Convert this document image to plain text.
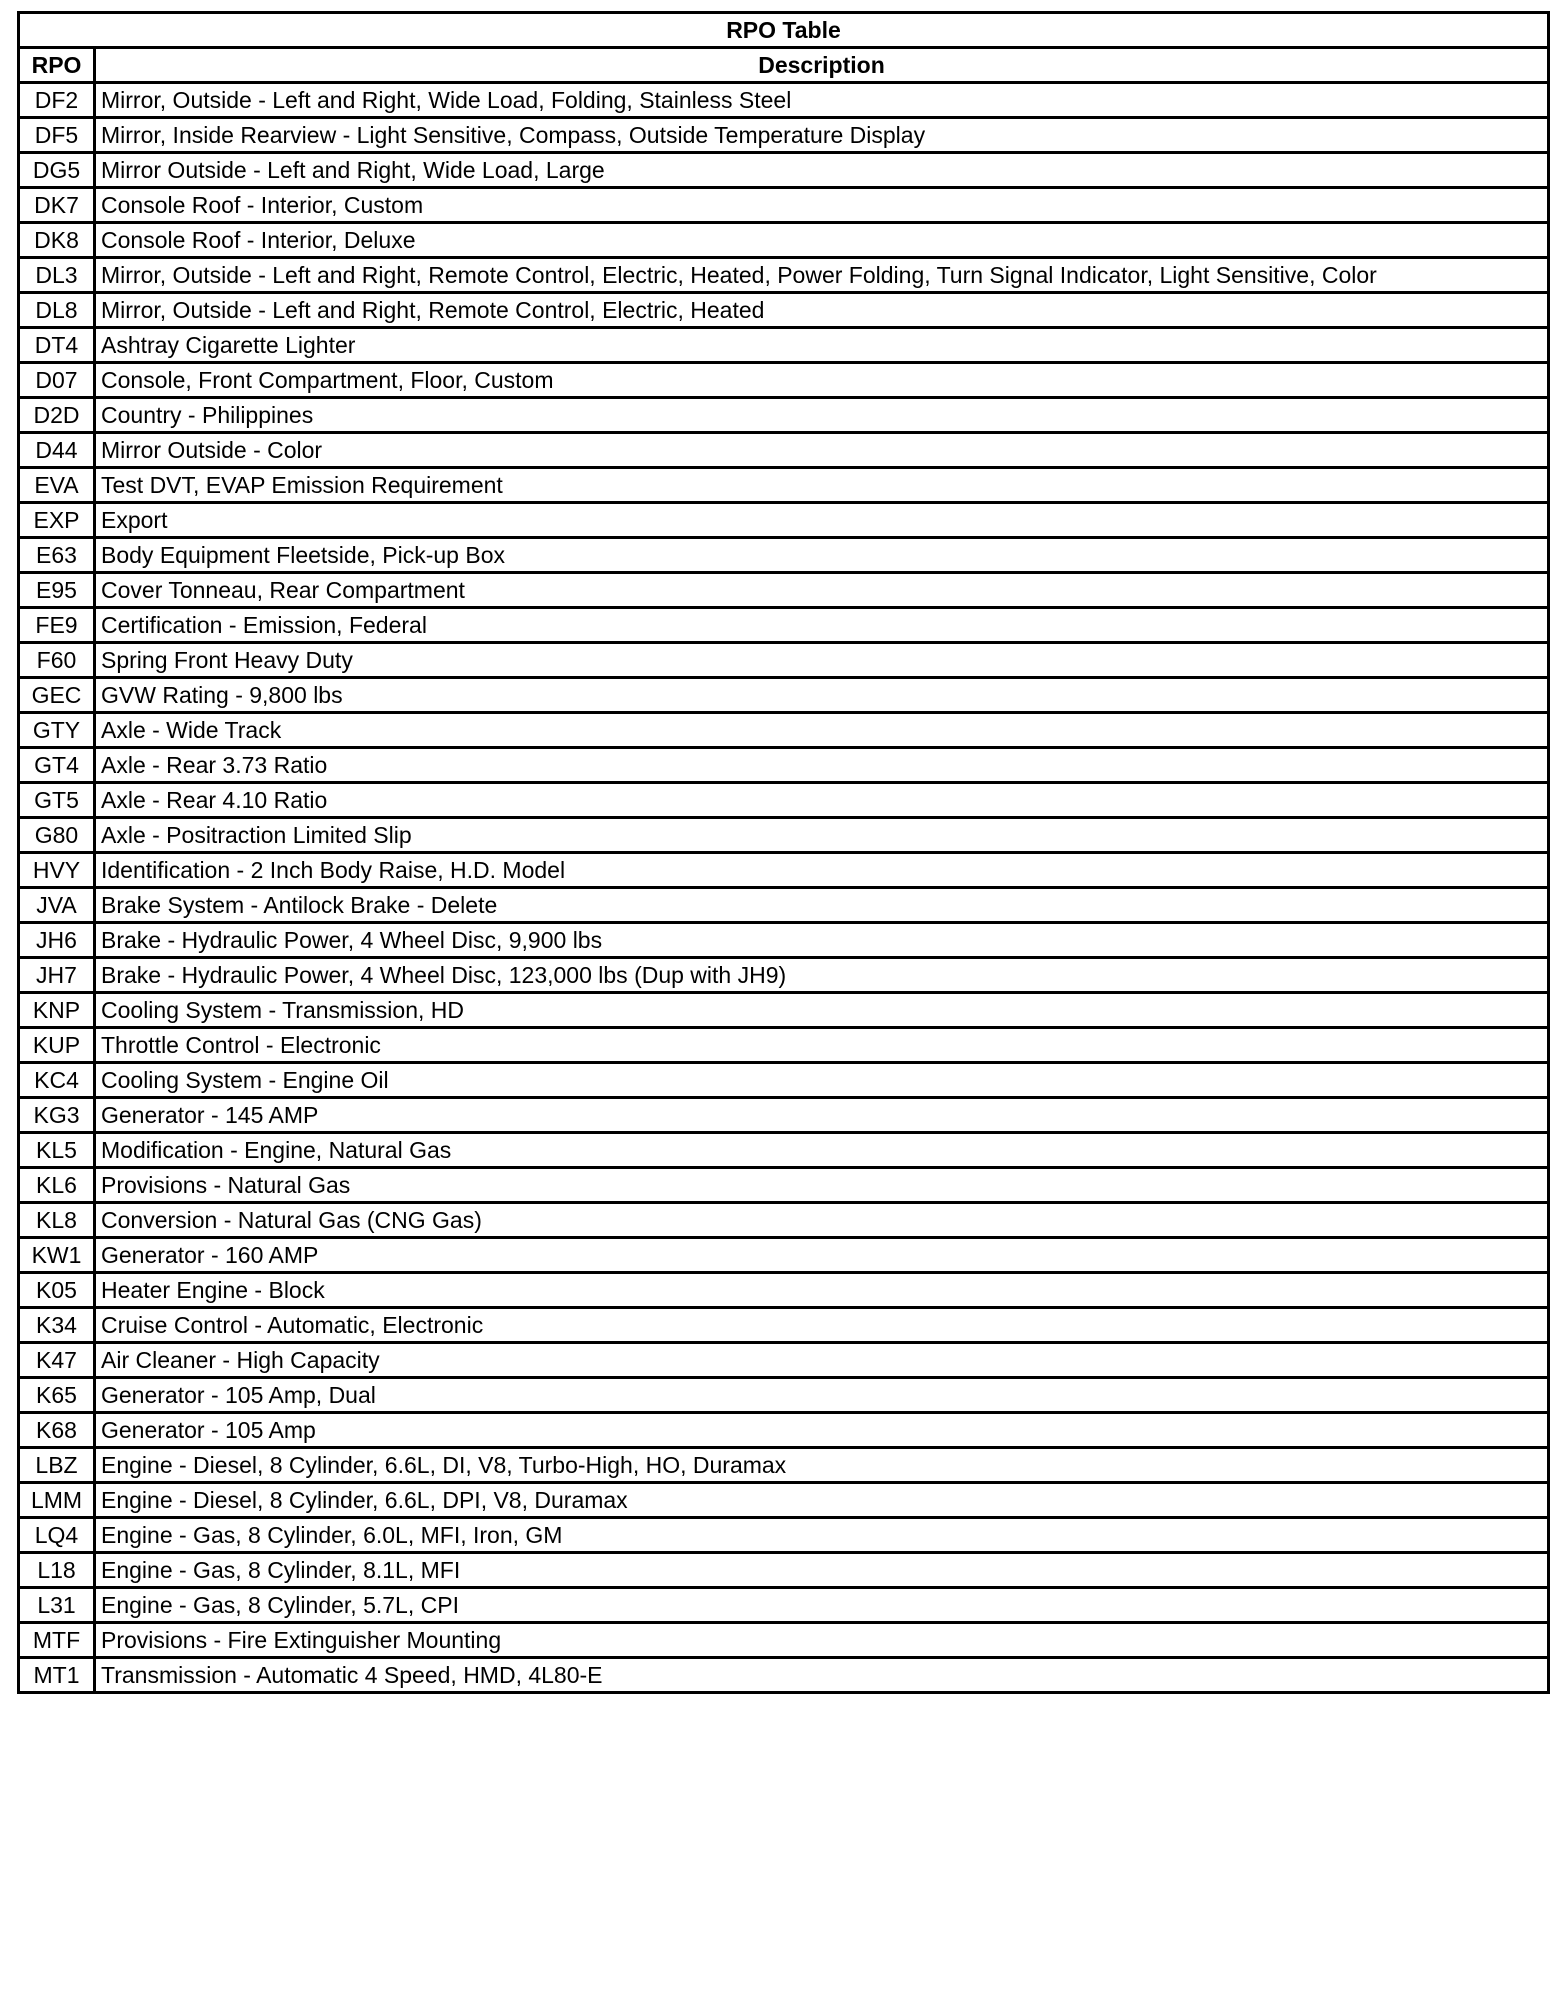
RPO Table	
RPO	Description
DF2	Mirror, Outside - Left and Right, Wide Load, Folding, Stainless Steel
DF5	Mirror, Inside Rearview - Light Sensitive, Compass, Outside Temperature Display
DG5	Mirror Outside - Left and Right, Wide Load, Large
DK7	Console Roof - Interior, Custom
DK8	Console Roof - Interior, Deluxe
DL3	Mirror, Outside - Left and Right, Remote Control, Electric, Heated, Power Folding, Turn Signal Indicator, Light Sensitive, Color
DL8	Mirror, Outside - Left and Right, Remote Control, Electric, Heated
DT4	Ashtray Cigarette Lighter
D07	Console, Front Compartment, Floor, Custom
D2D	Country - Philippines
D44	Mirror Outside - Color
EVA	Test DVT, EVAP Emission Requirement
EXP	Export
E63	Body Equipment Fleetside, Pick-up Box
E95	Cover Tonneau, Rear Compartment
FE9	Certification - Emission, Federal
F60	Spring Front Heavy Duty
GEC	GVW Rating - 9,800 lbs
GTY	Axle - Wide Track
GT4	Axle - Rear 3.73 Ratio
GT5	Axle - Rear 4.10 Ratio
G80	Axle - Positraction Limited Slip
HVY	Identification - 2 Inch Body Raise, H.D. Model
JVA	Brake System - Antilock Brake - Delete
JH6	Brake - Hydraulic Power, 4 Wheel Disc, 9,900 lbs
JH7	Brake - Hydraulic Power, 4 Wheel Disc, 123,000 lbs (Dup with JH9)
KNP	Cooling System - Transmission, HD
KUP	Throttle Control - Electronic
KC4	Cooling System - Engine Oil
KG3	Generator - 145 AMP
KL5	Modification - Engine, Natural Gas
KL6	Provisions - Natural Gas
KL8	Conversion - Natural Gas (CNG Gas)
KW1	Generator - 160 AMP
K05	Heater Engine - Block
K34	Cruise Control - Automatic, Electronic
K47	Air Cleaner - High Capacity
K65	Generator - 105 Amp, Dual
K68	Generator - 105 Amp
LBZ	Engine - Diesel, 8 Cylinder, 6.6L, DI, V8, Turbo-High, HO, Duramax
LMM	Engine - Diesel, 8 Cylinder, 6.6L, DPI, V8, Duramax
LQ4	Engine - Gas, 8 Cylinder, 6.0L, MFI, Iron, GM
L18	Engine - Gas, 8 Cylinder, 8.1L, MFI
L31	Engine - Gas, 8 Cylinder, 5.7L, CPI
MTF	Provisions - Fire Extinguisher Mounting
MT1	Transmission - Automatic 4 Speed, HMD, 4L80-E
